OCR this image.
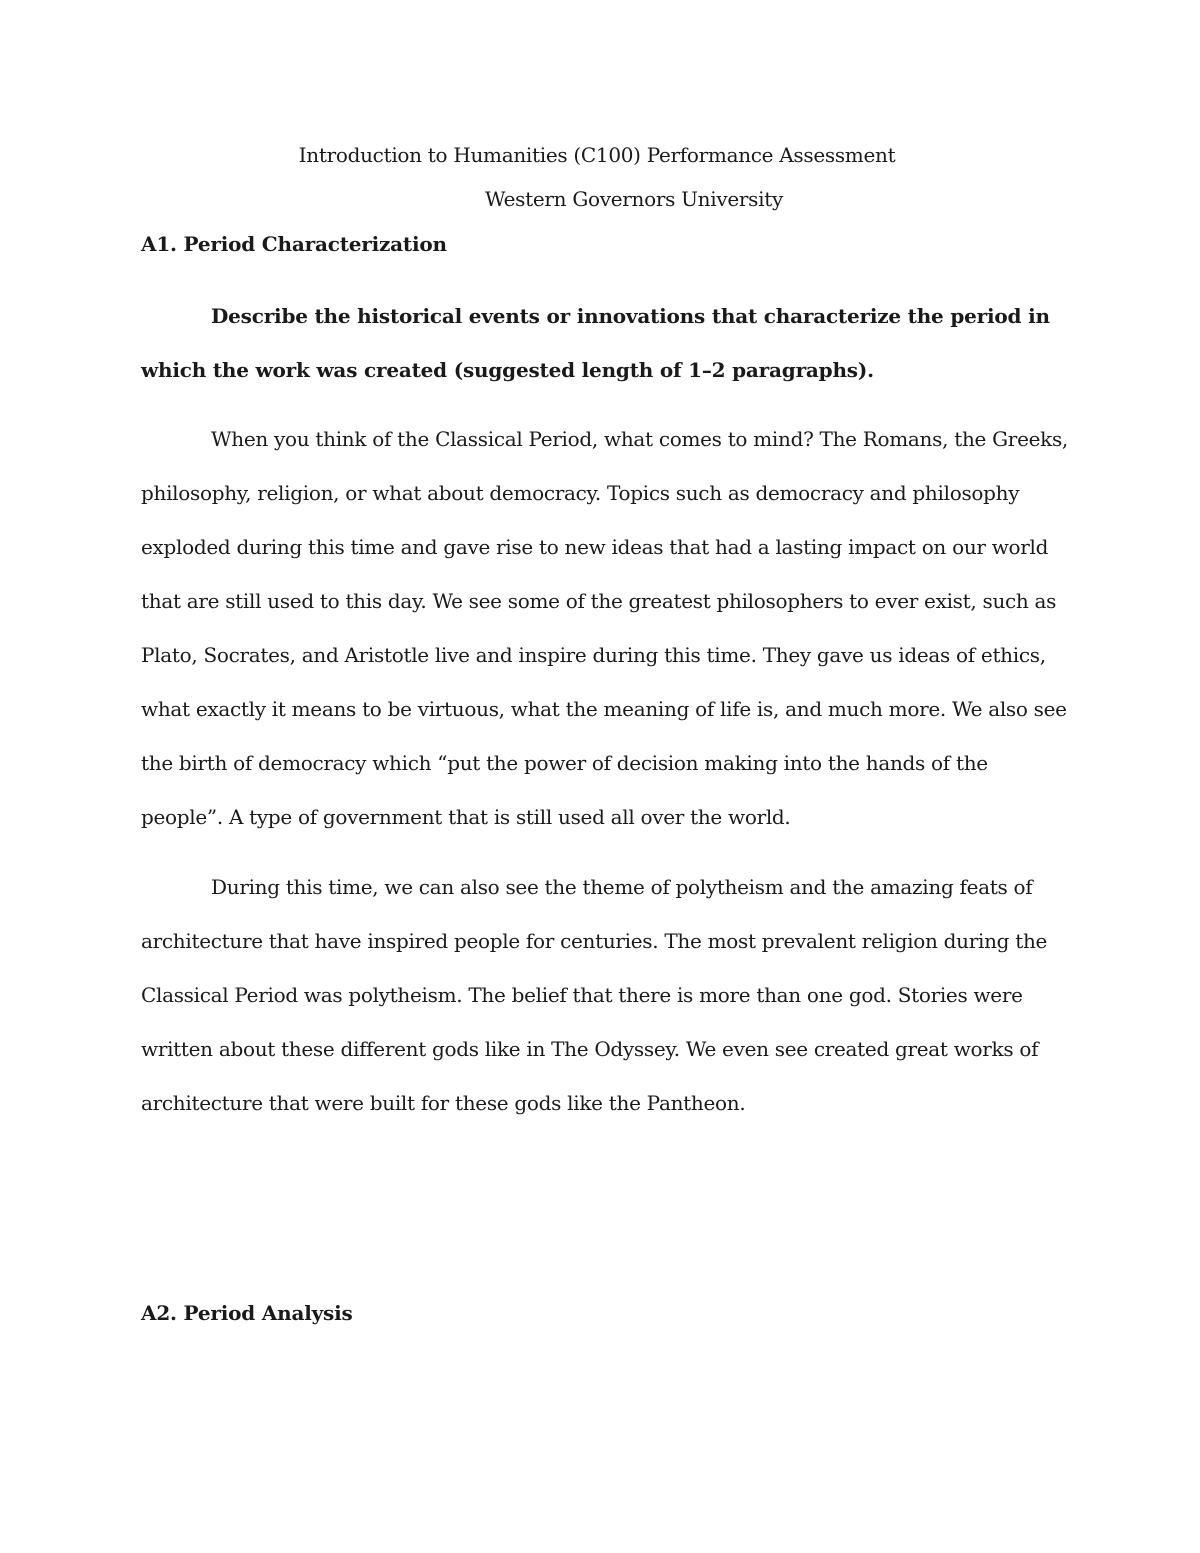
Introduction to Humanities (C100) Performance Assessment
Western Governors University
A1. Period Characterization

Describe the historical events or innovations that characterize the period in which the work was created (suggested length of 1–2 paragraphs).

When you think of the Classical Period, what comes to mind? The Romans, the Greeks, philosophy, religion, or what about democracy. Topics such as democracy and philosophy exploded during this time and gave rise to new ideas that had a lasting impact on our world that are still used to this day. We see some of the greatest philosophers to ever exist, such as Plato, Socrates, and Aristotle live and inspire during this time. They gave us ideas of ethics, what exactly it means to be virtuous, what the meaning of life is, and much more. We also see the birth of democracy which “put the power of decision making into the hands of the people”. A type of government that is still used all over the world.

During this time, we can also see the theme of polytheism and the amazing feats of architecture that have inspired people for centuries. The most prevalent religion during the Classical Period was polytheism. The belief that there is more than one god. Stories were written about these different gods like in The Odyssey. We even see created great works of architecture that were built for these gods like the Pantheon.

A2. Period Analysis
